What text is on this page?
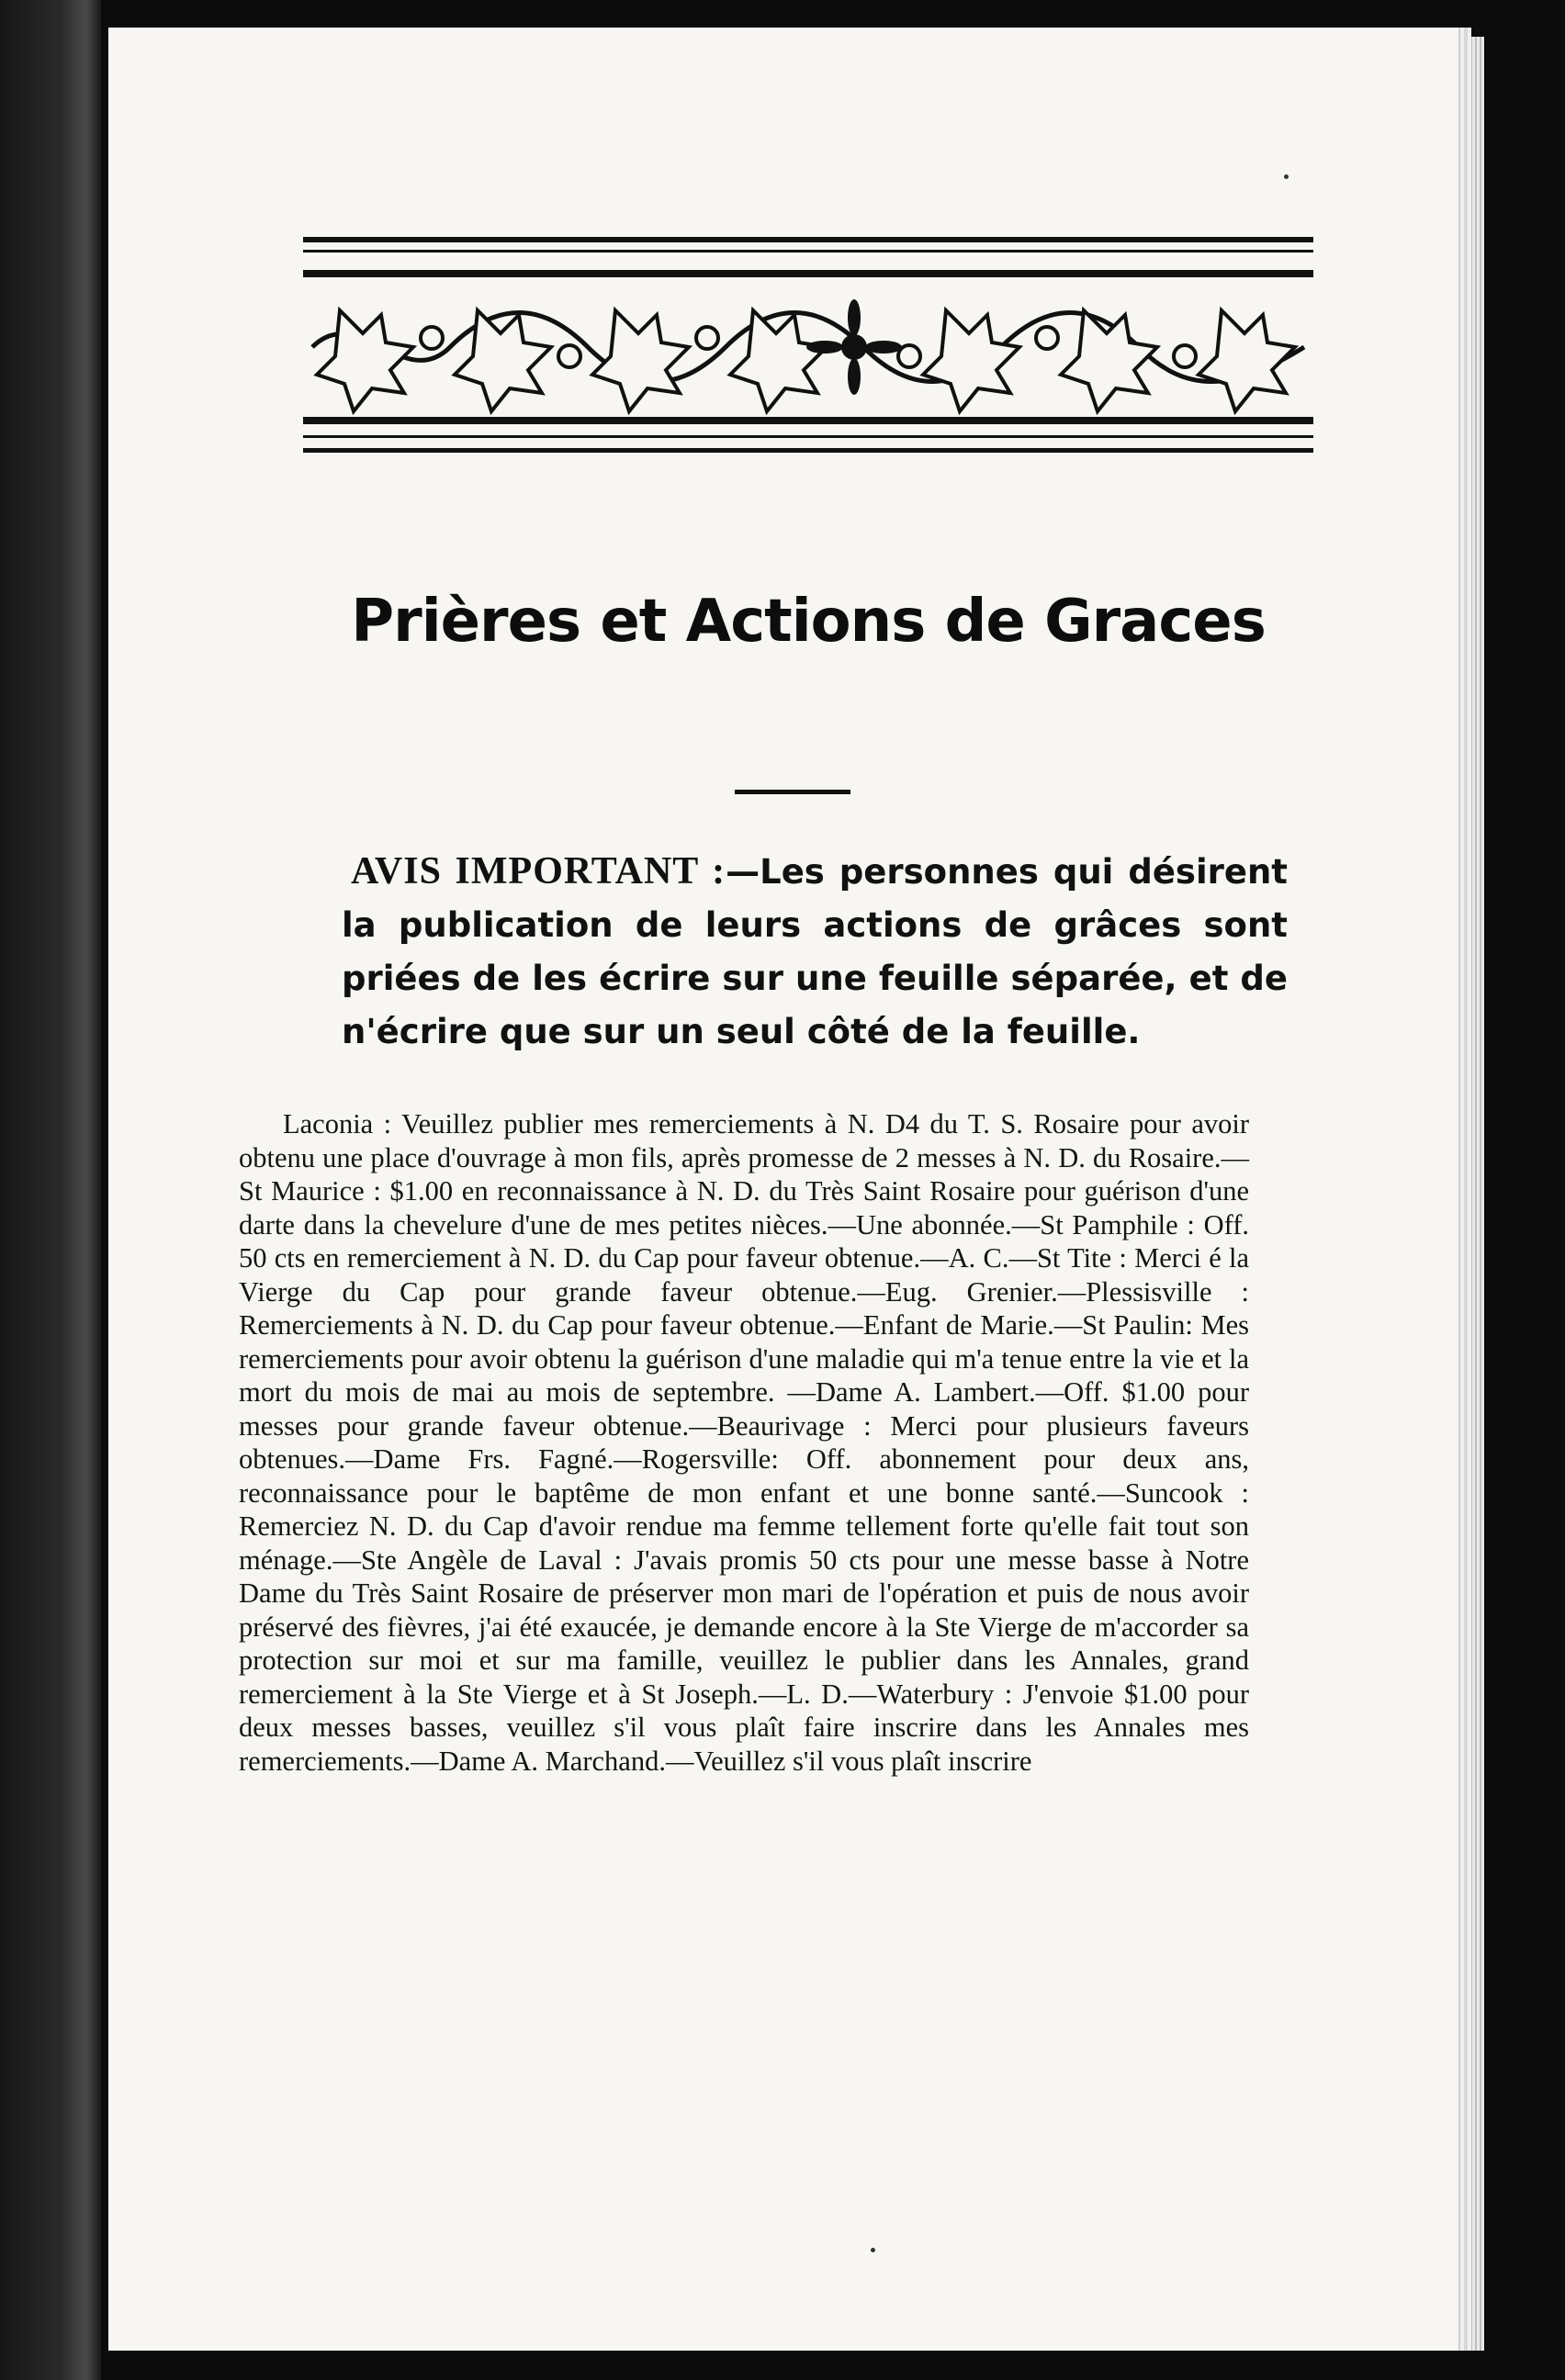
Prières et Actions de Graces

AVIS IMPORTANT :—Les personnes qui désirent la publication de leurs actions de grâces sont priées de les écrire sur une feuille séparée, et de n'écrire que sur un seul côté de la feuille.

Laconia : Veuillez publier mes remerciements à N. D4 du T. S. Rosaire pour avoir obtenu une place d'ouvrage à mon fils, après promesse de 2 messes à N. D. du Rosaire.—St Maurice : $1.00 en reconnaissance à N. D. du Très Saint Rosaire pour guérison d'une darte dans la chevelure d'une de mes petites nièces.—Une abonnée.—St Pamphile : Off. 50 cts en remerciement à N. D. du Cap pour faveur obtenue.—A. C.—St Tite : Merci é la Vierge du Cap pour grande faveur obtenue.—Eug. Grenier.—Plessisville : Remerciements à N. D. du Cap pour faveur obtenue.—Enfant de Marie.—St Paulin: Mes remerciements pour avoir obtenu la guérison d'une maladie qui m'a tenue entre la vie et la mort du mois de mai au mois de septembre. —Dame A. Lambert.—Off. $1.00 pour messes pour grande faveur obtenue.—Beaurivage : Merci pour plusieurs faveurs obtenues.—Dame Frs. Fagné.—Rogersville: Off. abonnement pour deux ans, reconnaissance pour le baptême de mon enfant et une bonne santé.—Suncook : Remerciez N. D. du Cap d'avoir rendue ma femme tellement forte qu'elle fait tout son ménage.—Ste Angèle de Laval : J'avais promis 50 cts pour une messe basse à Notre Dame du Très Saint Rosaire de préserver mon mari de l'opération et puis de nous avoir préservé des fièvres, j'ai été exaucée, je demande encore à la Ste Vierge de m'accorder sa protection sur moi et sur ma famille, veuillez le publier dans les Annales, grand remerciement à la Ste Vierge et à St Joseph.—L. D.—Waterbury : J'envoie $1.00 pour deux messes basses, veuillez s'il vous plaît faire inscrire dans les Annales mes remerciements.—Dame A. Marchand.—Veuillez s'il vous plaît inscrire
